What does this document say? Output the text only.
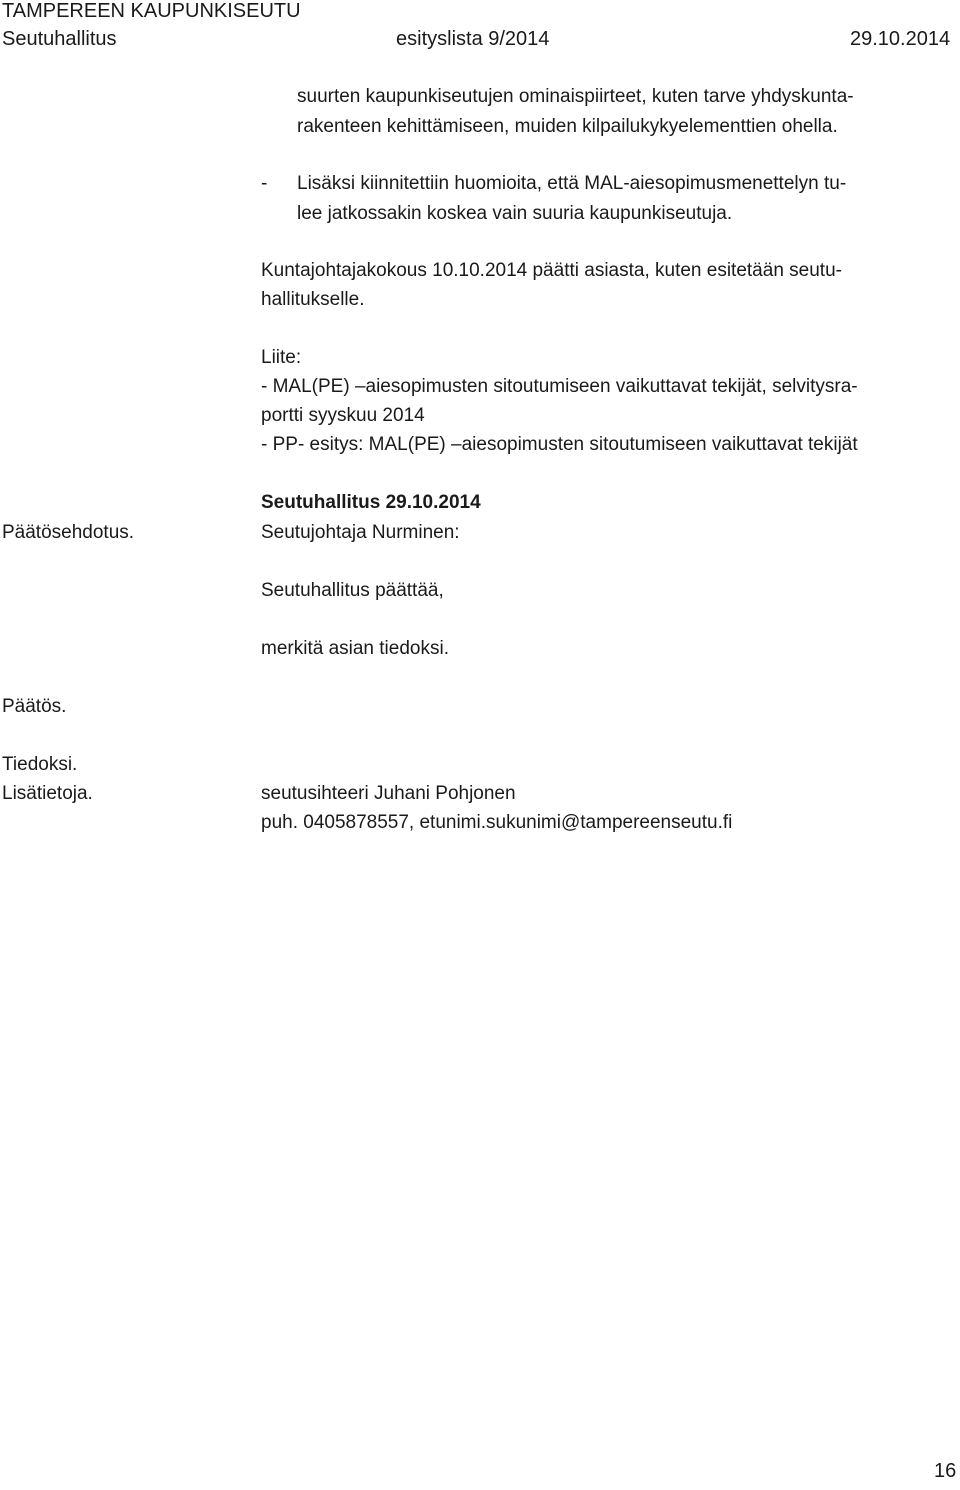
TAMPEREEN KAUPUNKISEUTU
Seutuhallitus	esityslista 9/2014	29.10.2014
suurten kaupunkiseutujen ominaispiirteet, kuten tarve yhdyskunta-
rakenteen kehittämiseen, muiden kilpailukykyelementtien ohella.
- Lisäksi kiinnitettiin huomioita, että MAL-aiesopimusmenettelyn tu-
lee jatkossakin koskea vain suuria kaupunkiseutuja.
Kuntajohtajakokous 10.10.2014 päätti asiasta, kuten esitetään seutu-
hallitukselle.
Liite:
- MAL(PE) –aiesopimusten sitoutumiseen vaikuttavat tekijät, selvitysra-
portti syyskuu 2014
- PP- esitys: MAL(PE) –aiesopimusten sitoutumiseen vaikuttavat tekijät
Seutuhallitus 29.10.2014
Päätösehdotus.	Seutujohtaja Nurminen:
Seutuhallitus päättää,
merkitä asian tiedoksi.
Päätös.
Tiedoksi.
Lisätietoja.	seutusihteeri Juhani Pohjonen
puh. 0405878557, etunimi.sukunimi@tampereenseutu.fi
16
